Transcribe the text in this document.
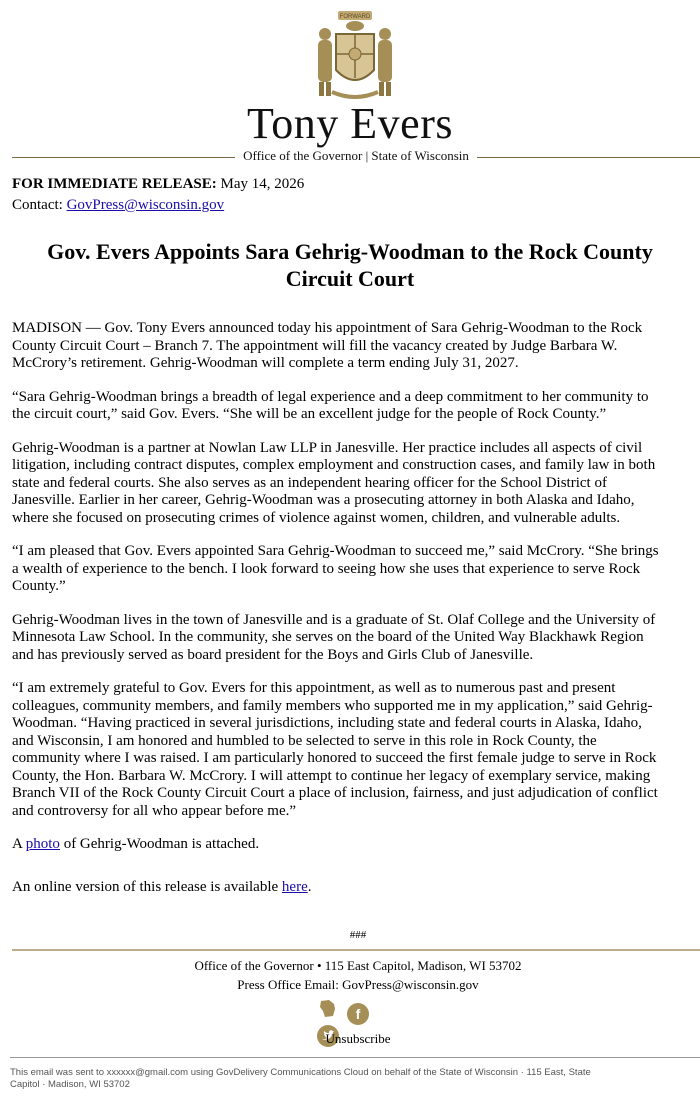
FORWARD
Tony Evers
Office of the Governor | State of Wisconsin
FOR IMMEDIATE RELEASE: May 14, 2026
Contact: GovPress@wisconsin.gov
Gov. Evers Appoints Sara Gehrig-Woodman to the Rock County
Circuit Court

MADISON — Gov. Tony Evers announced today his appointment of Sara Gehrig-Woodman to the Rock
County Circuit Court – Branch 7. The appointment will fill the vacancy created by Judge Barbara W.
McCrory’s retirement. Gehrig-Woodman will complete a term ending July 31, 2027.

“Sara Gehrig-Woodman brings a breadth of legal experience and a deep commitment to her community to
the circuit court,” said Gov. Evers. “She will be an excellent judge for the people of Rock County.”

Gehrig-Woodman is a partner at Nowlan Law LLP in Janesville. Her practice includes all aspects of civil
litigation, including contract disputes, complex employment and construction cases, and family law in both
state and federal courts. She also serves as an independent hearing officer for the School District of
Janesville. Earlier in her career, Gehrig-Woodman was a prosecuting attorney in both Alaska and Idaho,
where she focused on prosecuting crimes of violence against women, children, and vulnerable adults.

“I am pleased that Gov. Evers appointed Sara Gehrig-Woodman to succeed me,” said McCrory. “She brings
a wealth of experience to the bench. I look forward to seeing how she uses that experience to serve Rock
County.”

Gehrig-Woodman lives in the town of Janesville and is a graduate of St. Olaf College and the University of
Minnesota Law School. In the community, she serves on the board of the United Way Blackhawk Region
and has previously served as board president for the Boys and Girls Club of Janesville.

“I am extremely grateful to Gov. Evers for this appointment, as well as to numerous past and present
colleagues, community members, and family members who supported me in my application,” said Gehrig-
Woodman. “Having practiced in several jurisdictions, including state and federal courts in Alaska, Idaho,
and Wisconsin, I am honored and humbled to be selected to serve in this role in Rock County, the
community where I was raised. I am particularly honored to succeed the first female judge to serve in Rock
County, the Hon. Barbara W. McCrory. I will attempt to continue her legacy of exemplary service, making
Branch VII of the Rock County Circuit Court a place of inclusion, fairness, and just adjudication of conflict
and controversy for all who appear before me.”

A photo of Gehrig-Woodman is attached.

An online version of this release is available here.

###
Office of the Governor • 115 East Capitol, Madison, WI 53702
Press Office Email: GovPress@wisconsin.gov
f
Unsubscribe
This email was sent to xxxxxx@gmail.com using GovDelivery Communications Cloud on behalf of the State of Wisconsin · 115 East, State
Capitol · Madison, WI 53702
